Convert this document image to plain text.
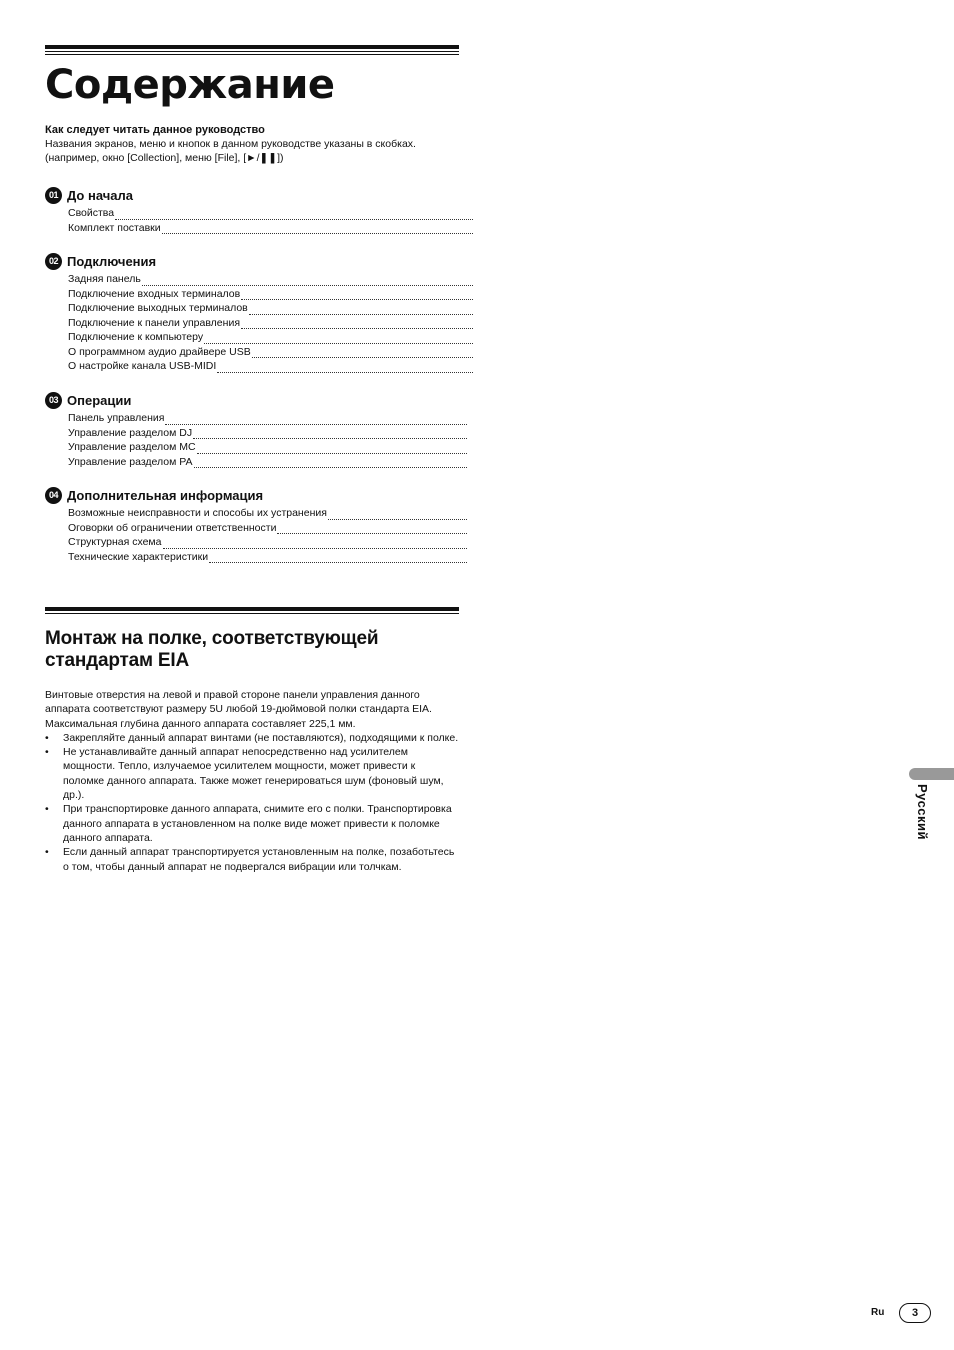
Содержание
Как следует читать данное руководство
Названия экранов, меню и кнопок в данном руководстве указаны в скобках.
(например, окно [Collection], меню [File], [►/❚❚])
01 До начала
Свойства
Комплект поставки
02 Подключения
Задняя панель
Подключение входных терминалов
Подключение выходных терминалов
Подключение к панели управления
Подключение к компьютеру
О программном аудио драйвере USB
О настройке канала USB-MIDI
03 Операции
Панель управления
Управление разделом DJ
Управление разделом MC
Управление разделом PA
04 Дополнительная информация
Возможные неисправности и способы их устранения
Оговорки об ограничении ответственности
Структурная схема
Технические характеристики
Монтаж на полке, соответствующей
стандартам EIA

Винтовые отверстия на левой и правой стороне панели управления данного аппарата соответствуют размеру 5U любой 19-дюймовой полки стандарта EIA. Максимальная глубина данного аппарата составляет 225,1 мм.

• Закрепляйте данный аппарат винтами (не поставляются), подходящими к полке.
• Не устанавливайте данный аппарат непосредственно над усилителем мощности. Тепло, излучаемое усилителем мощности, может привести к поломке данного аппарата. Также может генерироваться шум (фоновый шум, др.).
• При транспортировке данного аппарата, снимите его с полки. Транспортировка данного аппарата в установленном на полке виде может привести к поломке данного аппарата.
• Если данный аппарат транспортируется установленным на полке, позаботьтесь о том, чтобы данный аппарат не подвергался вибрации или толчкам.
Русский
Ru	3
